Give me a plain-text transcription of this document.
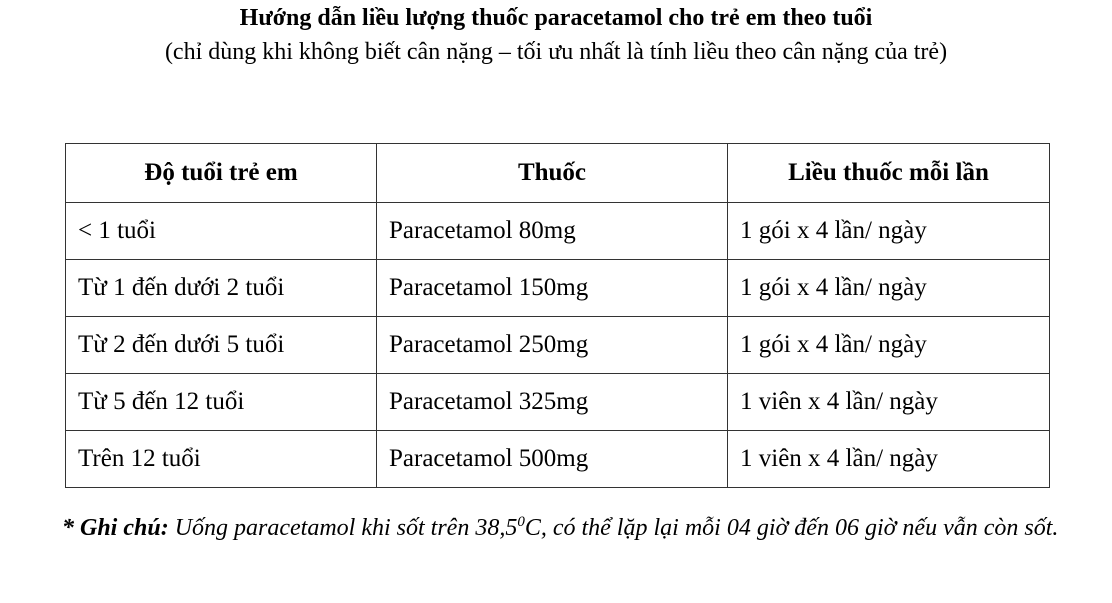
Hướng dẫn liều lượng thuốc paracetamol cho trẻ em theo tuổi
(chỉ dùng khi không biết cân nặng – tối ưu nhất là tính liều theo cân nặng của trẻ)
Độ tuổi trẻ em	Thuốc	Liều thuốc mỗi lần
< 1 tuổi	Paracetamol 80mg	1 gói x 4 lần/ ngày
Từ 1 đến dưới 2 tuổi	Paracetamol 150mg	1 gói x 4 lần/ ngày
Từ 2 đến dưới 5 tuổi	Paracetamol 250mg	1 gói x 4 lần/ ngày
Từ 5 đến 12 tuổi	Paracetamol 325mg	1 viên x 4 lần/ ngày
Trên 12 tuổi	Paracetamol 500mg	1 viên x 4 lần/ ngày
* Ghi chú: Uống paracetamol khi sốt trên 38,5$^0$C, có thể lặp lại mỗi 04 giờ đến 06 giờ nếu vẫn còn sốt.
